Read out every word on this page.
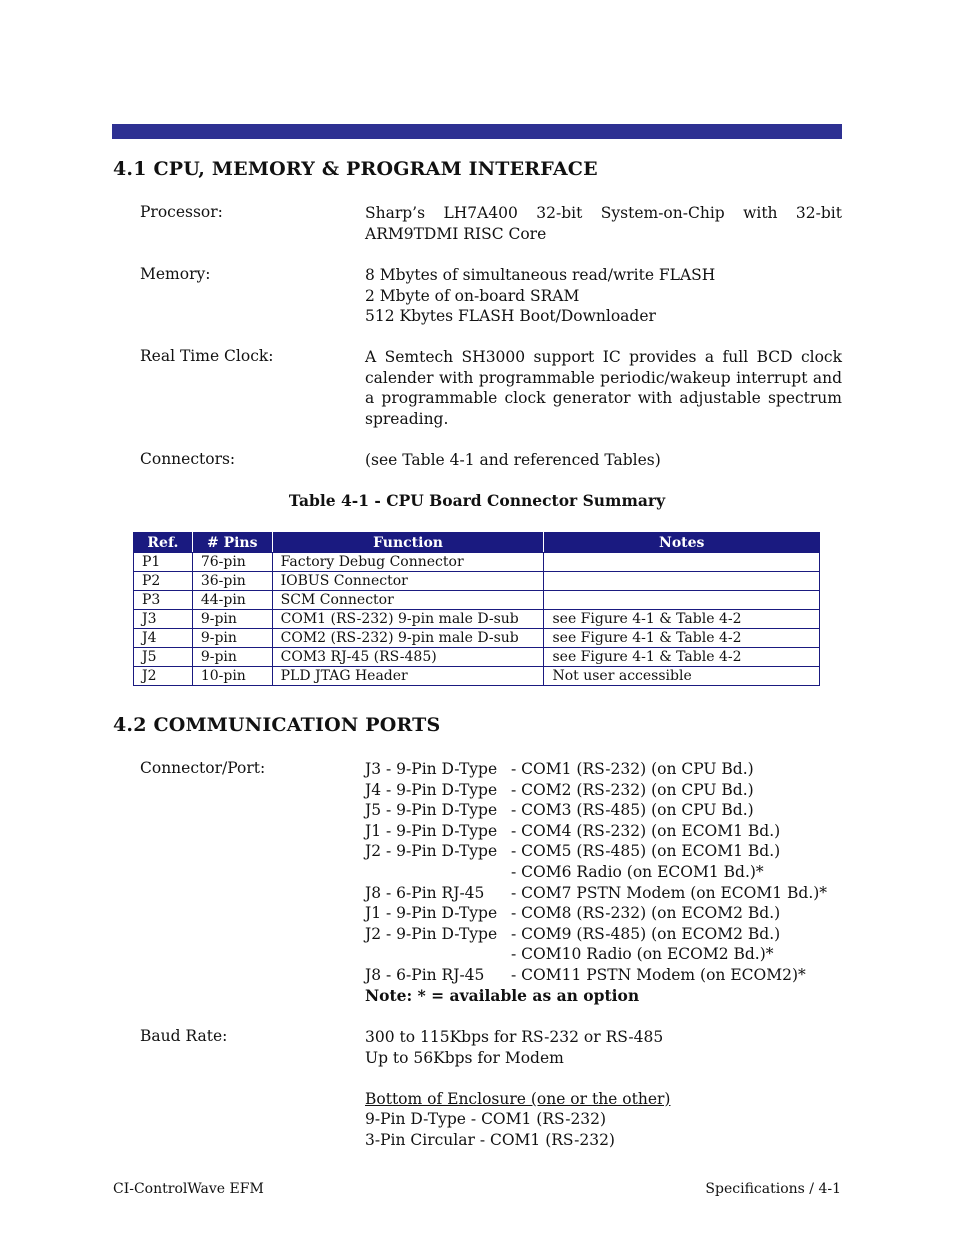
4.1 CPU, MEMORY & PROGRAM INTERFACE
Processor:	Sharp’s LH7A400 32-bit System-on-Chip with 32-bit ARM9TDMI RISC Core
Memory:	8 Mbytes of simultaneous read/write FLASH
2 Mbyte of on-board SRAM
512 Kbytes FLASH Boot/Downloader
Real Time Clock:	A Semtech SH3000 support IC provides a full BCD clock calender with programmable periodic/wakeup interrupt and a programmable clock generator with adjustable spectrum spreading.
Connectors:	(see Table 4-1 and referenced Tables)
Table 4-1 - CPU Board Connector Summary
Ref.	# Pins	Function	Notes
P1	76-pin	Factory Debug Connector	
P2	36-pin	IOBUS Connector	
P3	44-pin	SCM Connector	
J3	9-pin	COM1 (RS-232) 9-pin male D-sub	see Figure 4-1 & Table 4-2
J4	9-pin	COM2 (RS-232) 9-pin male D-sub	see Figure 4-1 & Table 4-2
J5	9-pin	COM3 RJ-45 (RS-485)	see Figure 4-1 & Table 4-2
J2	10-pin	PLD JTAG Header	Not user accessible
4.2 COMMUNICATION PORTS
Connector/Port:	J3 - 9-Pin D-Type - COM1 (RS-232) (on CPU Bd.)
J4 - 9-Pin D-Type - COM2 (RS-232) (on CPU Bd.)
J5 - 9-Pin D-Type - COM3 (RS-485) (on CPU Bd.)
J1 - 9-Pin D-Type - COM4 (RS-232) (on ECOM1 Bd.)
J2 - 9-Pin D-Type - COM5 (RS-485) (on ECOM1 Bd.)
- COM6 Radio (on ECOM1 Bd.)*
J8 - 6-Pin RJ-45 - COM7 PSTN Modem (on ECOM1 Bd.)*
J1 - 9-Pin D-Type - COM8 (RS-232) (on ECOM2 Bd.)
J2 - 9-Pin D-Type - COM9 (RS-485) (on ECOM2 Bd.)
- COM10 Radio (on ECOM2 Bd.)*
J8 - 6-Pin RJ-45 - COM11 PSTN Modem (on ECOM2)*
Note: * = available as an option
Baud Rate:	300 to 115Kbps for RS-232 or RS-485
Up to 56Kbps for Modem
Bottom of Enclosure (one or the other)
9-Pin D-Type - COM1 (RS-232)
3-Pin Circular - COM1 (RS-232)
CI-ControlWave EFM	Specifications / 4-1
